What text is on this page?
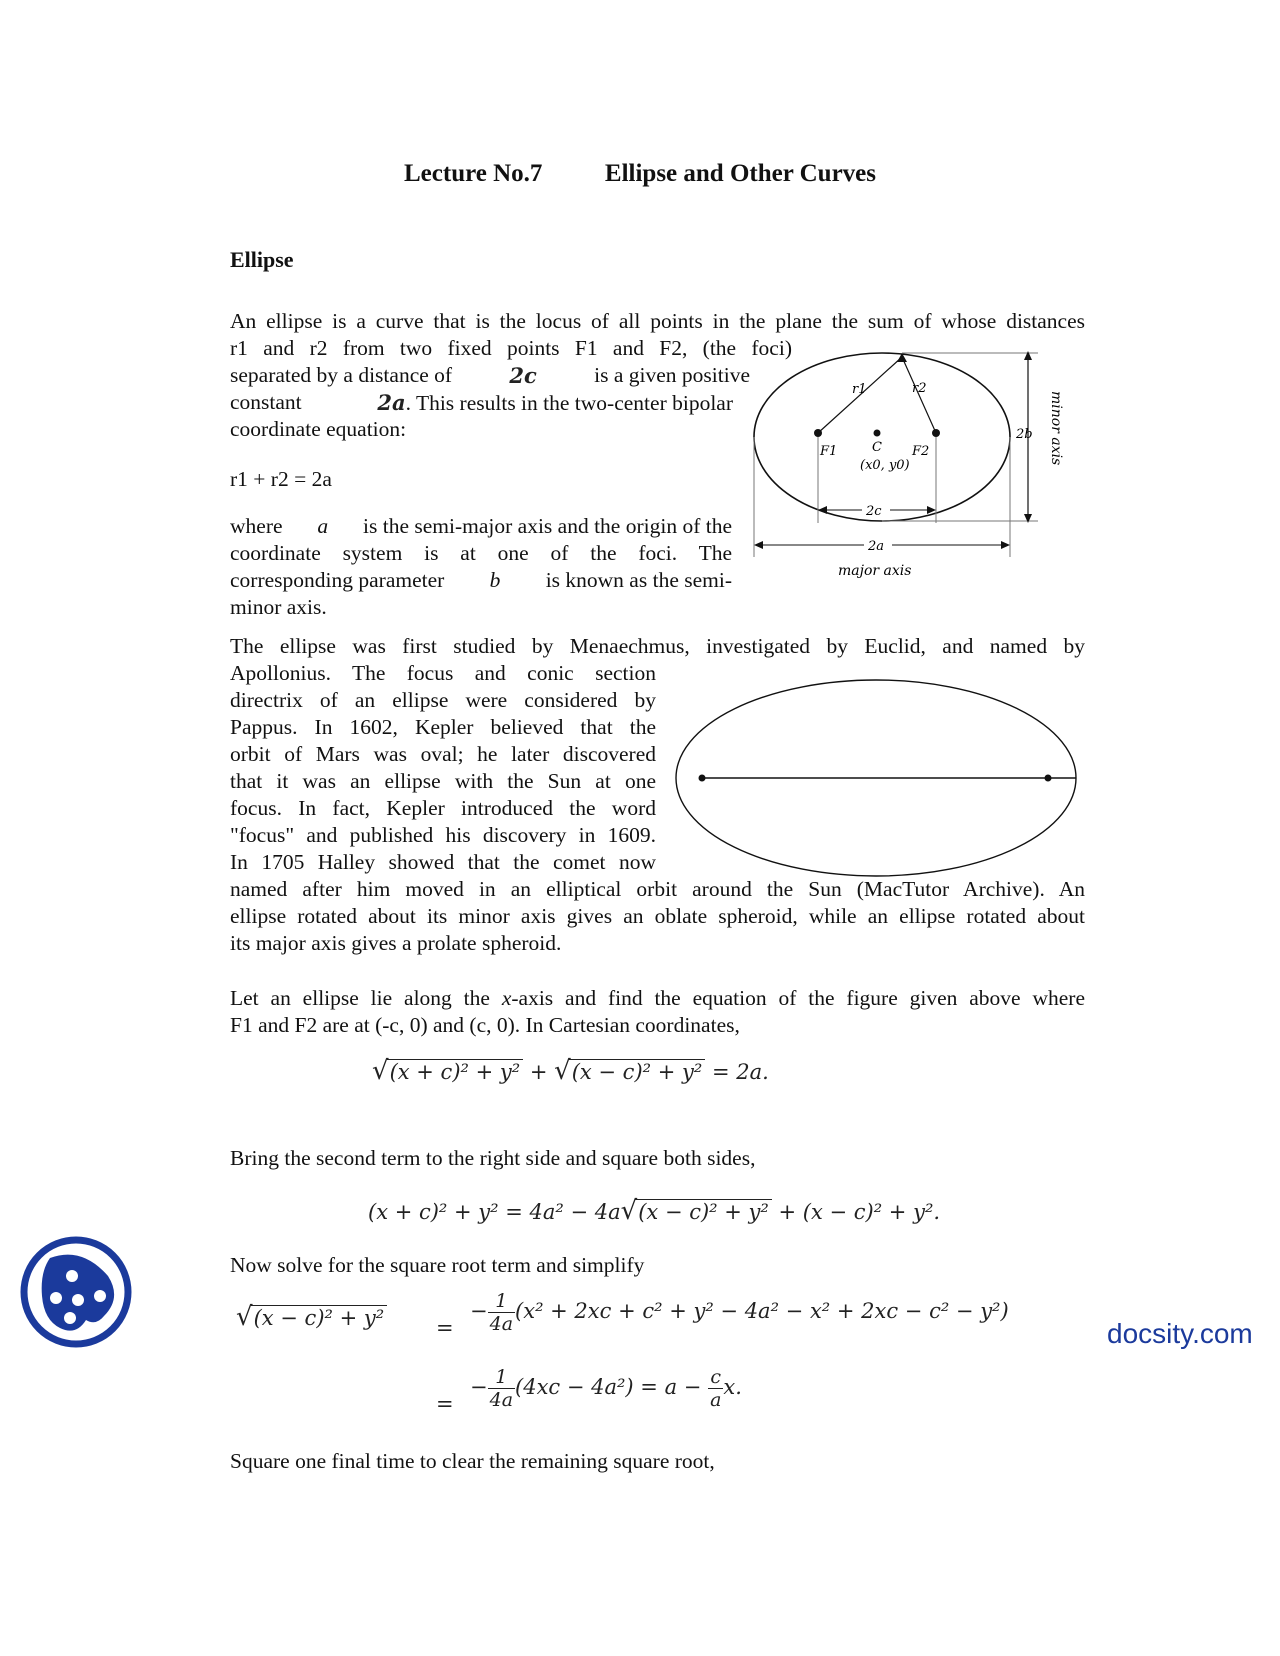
Lecture No.7	Ellipse and Other Curves
Ellipse
An ellipse is a curve that is the locus of all points in the plane the sum of whose distances
r1 and r2 from two fixed points F1 and F2, (the foci)
separated by a distance of	2c	is a given positive
constant	2a. This results in the two-center bipolar
coordinate equation:
r1 + r2 = 2a
where a is the semi-major axis and the origin of the
coordinate system is at one of the foci. The
corresponding parameter b is known as the semi-
minor axis.
r1	r2
F1	C F2
(x0, y0)
2b minor axis
2c
2a
major axis
The ellipse was first studied by Menaechmus, investigated by Euclid, and named by
Apollonius. The focus and conic section
directrix of an ellipse were considered by
Pappus. In 1602, Kepler believed that the
orbit of Mars was oval; he later discovered
that it was an ellipse with the Sun at one
focus. In fact, Kepler introduced the word
"focus" and published his discovery in 1609.
In 1705 Halley showed that the comet now
named after him moved in an elliptical orbit around the Sun (MacTutor Archive). An
ellipse rotated about its minor axis gives an oblate spheroid, while an ellipse rotated about
its major axis gives a prolate spheroid.
Let an ellipse lie along the x-axis and find the equation of the figure given above where
F1 and F2 are at (-c, 0) and (c, 0). In Cartesian coordinates,
√(x + c)² + y² + √(x − c)² + y² = 2a.
Bring the second term to the right side and square both sides,
(x + c)² + y² = 4a² − 4a√(x − c)² + y² + (x − c)² + y².
Now solve for the square root term and simplify
√(x − c)² + y² =
− $\frac{1}{4a} (x^2 + 2xc + c^2 + y^2 - 4a^2 - x^2 + 2xc - c^2 - y^2)$
=
− $\frac{1}{4a} (4xc - 4a^2) = a - \frac{c}{a} x$.
Square one final time to clear the remaining square root,
docsity.com
